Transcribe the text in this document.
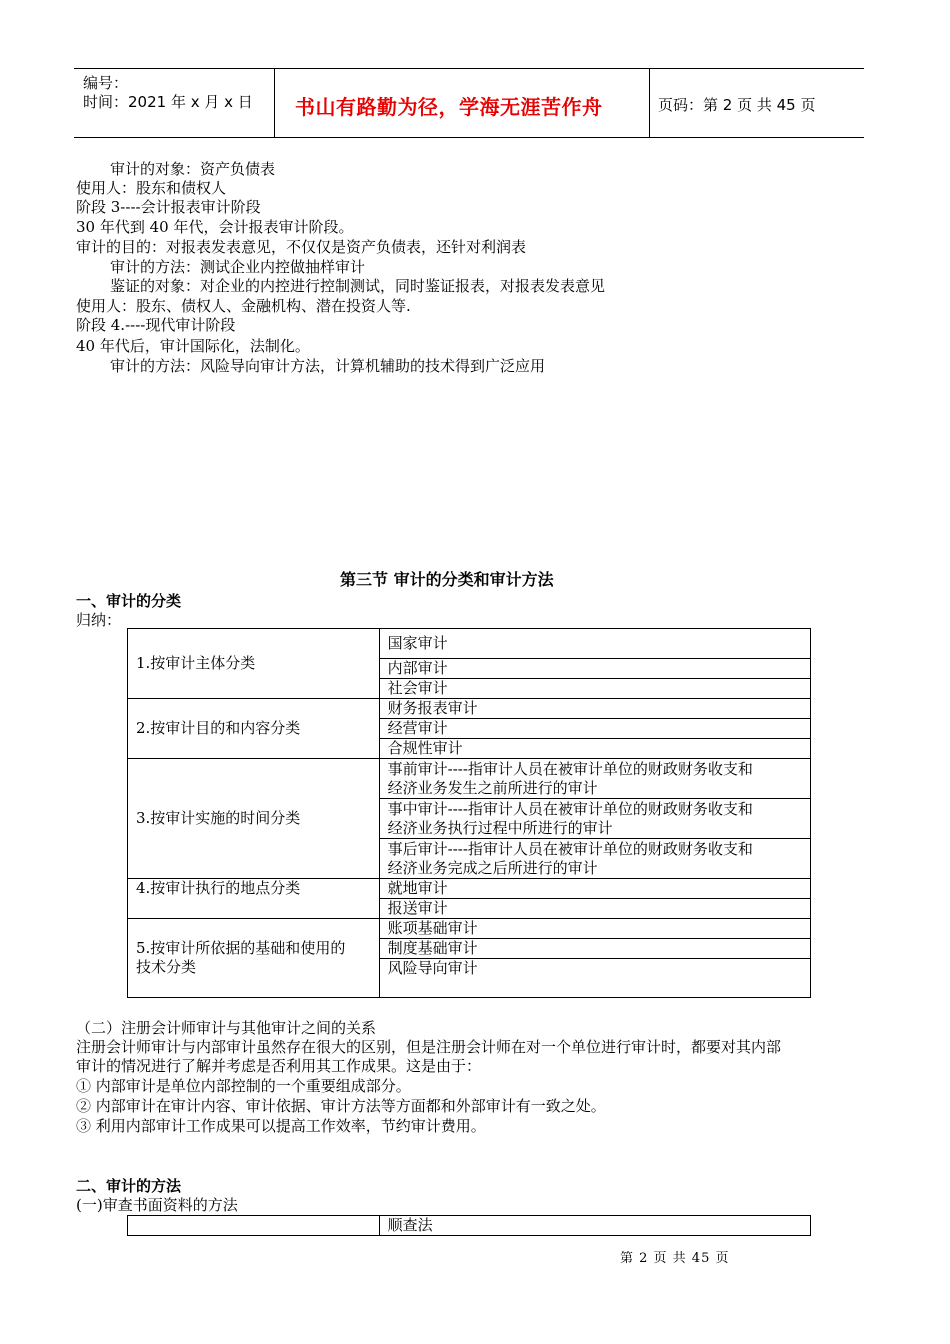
编号：
时间：2021 年 x 月 x 日 书山有路勤为径，学海无涯苦作舟	页码：第 2 页 共 45 页
审计的对象：资产负债表
使用人：股东和债权人
阶段 3----会计报表审计阶段
30 年代到 40 年代，会计报表审计阶段。
审计的目的：对报表发表意见，不仅仅是资产负债表，还针对利润表
审计的方法：测试企业内控做抽样审计
鉴证的对象：对企业的内控进行控制测试，同时鉴证报表，对报表发表意见
使用人：股东、债权人、金融机构、潜在投资人等.
阶段 4.----现代审计阶段
40 年代后，审计国际化，法制化。
审计的方法：风险导向审计方法，计算机辅助的技术得到广泛应用
第三节 审计的分类和审计方法
一、审计的分类
归纳：
1.按审计主体分类	国家审计
	内部审计
	社会审计
2.按审计目的和内容分类	财务报表审计
	经营审计
	合规性审计
3.按审计实施的时间分类	事前审计----指审计人员在被审计单位的财政财务收支和
经济业务发生之前所进行的审计

	事中审计----指审计人员在被审计单位的财政财务收支和
经济业务执行过程中所进行的审计

	事后审计----指审计人员在被审计单位的财政财务收支和
经济业务完成之后所进行的审计

4.按审计执行的地点分类	就地审计
	报送审计

5.按审计所依据的基础和使用的
技术分类	账项基础审计
	制度基础审计
	风险导向审计
（二）注册会计师审计与其他审计之间的关系
注册会计师审计与内部审计虽然存在很大的区别，但是注册会计师在对一个单位进行审计时，都要对其内部
审计的情况进行了解并考虑是否利用其工作成果。这是由于：
① 内部审计是单位内部控制的一个重要组成部分。
② 内部审计在审计内容、审计依据、审计方法等方面都和外部审计有一致之处。
③ 利用内部审计工作成果可以提高工作效率，节约审计费用。
二、审计的方法
(一)审查书面资料的方法
	顺查法
第 2 页 共 45 页
